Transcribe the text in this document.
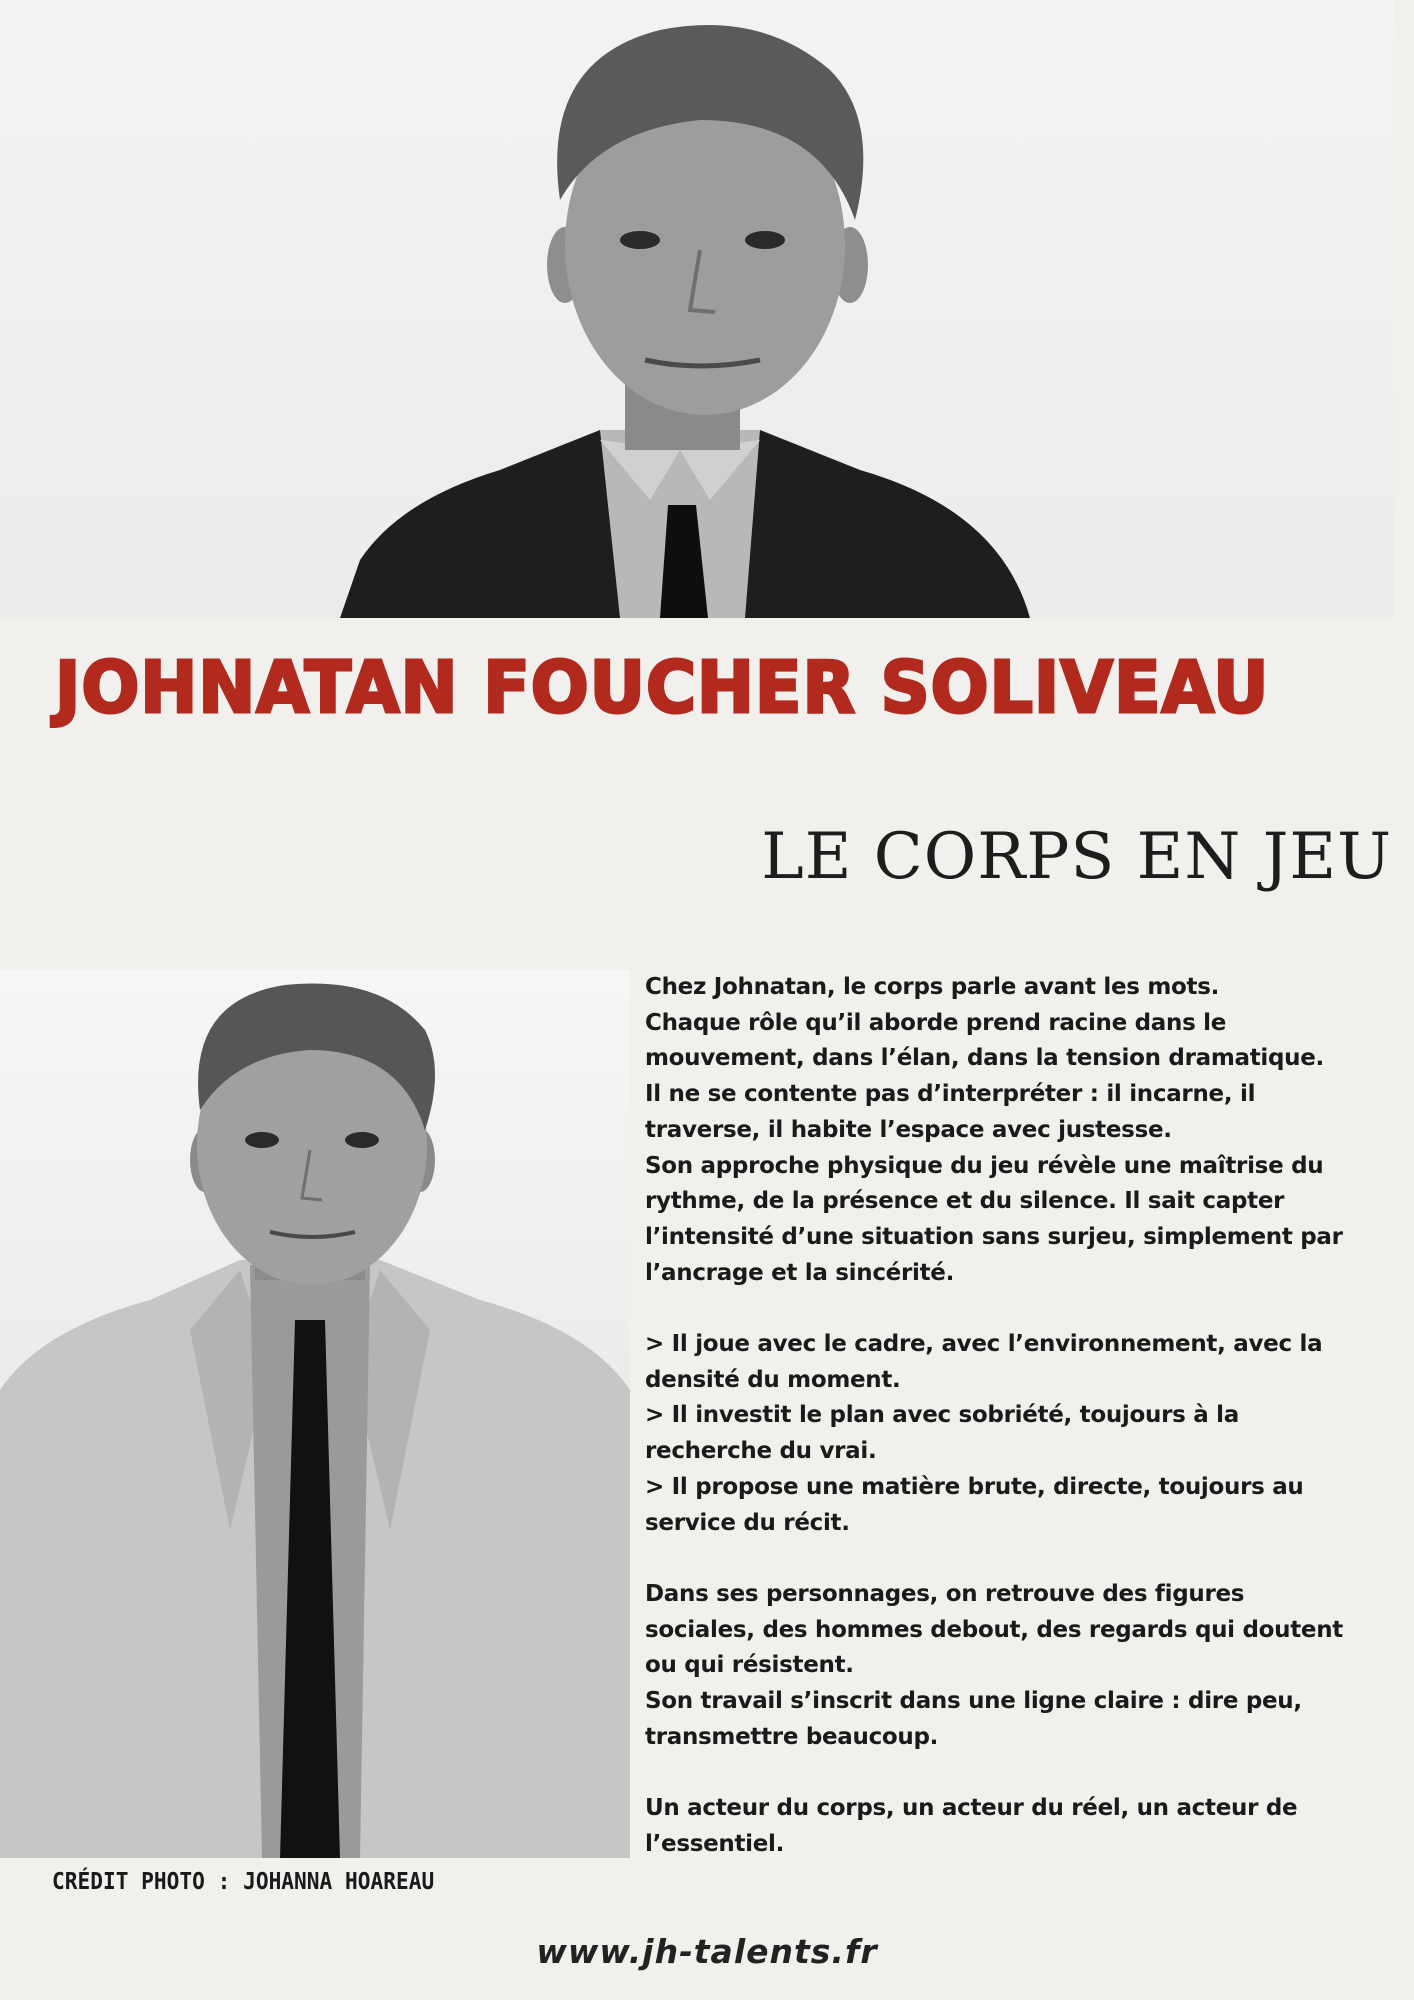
JOHNATAN FOUCHER SOLIVEAU
LE CORPS EN JEU
Chez Johnatan, le corps parle avant les mots.
Chaque rôle qu’il aborde prend racine dans le mouvement, dans l’élan, dans la tension dramatique. Il ne se contente pas d’interpréter : il incarne, il traverse, il habite l’espace avec justesse.
Son approche physique du jeu révèle une maîtrise du rythme, de la présence et du silence. Il sait capter l’intensité d’une situation sans surjeu, simplement par l’ancrage et la sincérité.
> Il joue avec le cadre, avec l’environnement, avec la densité du moment.
> Il investit le plan avec sobriété, toujours à la recherche du vrai.
> Il propose une matière brute, directe, toujours au service du récit.
Dans ses personnages, on retrouve des figures sociales, des hommes debout, des regards qui doutent ou qui résistent.
Son travail s’inscrit dans une ligne claire : dire peu, transmettre beaucoup.
Un acteur du corps, un acteur du réel, un acteur de l’essentiel.

CRÉDIT PHOTO : JOHANNA HOAREAU

www.jh-talents.fr
